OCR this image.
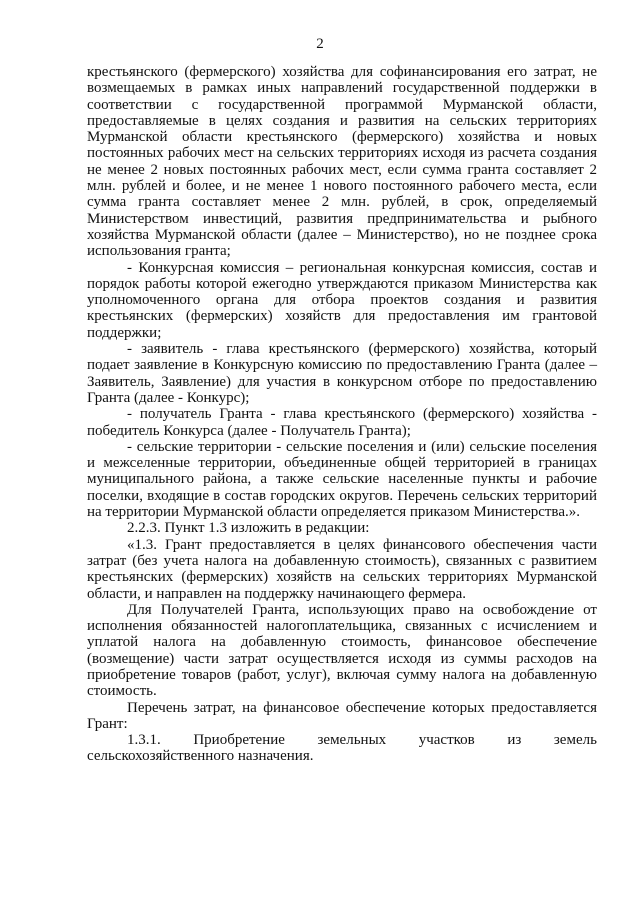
2

крестьянского (фермерского) хозяйства для софинансирования его затрат, не возмещаемых в рамках иных направлений государственной поддержки в соответствии с государственной программой Мурманской области, предоставляемые в целях создания и развития на сельских территориях Мурманской области крестьянского (фермерского) хозяйства и новых постоянных рабочих мест на сельских территориях исходя из расчета создания не менее 2 новых постоянных рабочих мест, если сумма гранта составляет 2 млн. рублей и более, и не менее 1 нового постоянного рабочего места, если сумма гранта составляет менее 2 млн. рублей, в срок, определяемый Министерством инвестиций, развития предпринимательства и рыбного хозяйства Мурманской области (далее – Министерство), но не позднее срока использования гранта;

- Конкурсная комиссия – региональная конкурсная комиссия, состав и порядок работы которой ежегодно утверждаются приказом Министерства как уполномоченного органа для отбора проектов создания и развития крестьянских (фермерских) хозяйств для предоставления им грантовой поддержки;

- заявитель - глава крестьянского (фермерского) хозяйства, который подает заявление в Конкурсную комиссию по предоставлению Гранта (далее – Заявитель, Заявление) для участия в конкурсном отборе по предоставлению Гранта (далее - Конкурс);

- получатель Гранта - глава крестьянского (фермерского) хозяйства - победитель Конкурса (далее - Получатель Гранта);

- сельские территории - сельские поселения и (или) сельские поселения и межселенные территории, объединенные общей территорией в границах муниципального района, а также сельские населенные пункты и рабочие поселки, входящие в состав городских округов. Перечень сельских территорий на территории Мурманской области определяется приказом Министерства.».

2.2.3. Пункт 1.3 изложить в редакции:

«1.3. Грант предоставляется в целях финансового обеспечения части затрат (без учета налога на добавленную стоимость), связанных с развитием крестьянских (фермерских) хозяйств на сельских территориях Мурманской области, и направлен на поддержку начинающего фермера.

Для Получателей Гранта, использующих право на освобождение от исполнения обязанностей налогоплательщика, связанных с исчислением и уплатой налога на добавленную стоимость, финансовое обеспечение (возмещение) части затрат осуществляется исходя из суммы расходов на приобретение товаров (работ, услуг), включая сумму налога на добавленную стоимость.

Перечень затрат, на финансовое обеспечение которых предоставляется Грант:

1.3.1. Приобретение земельных участков из земель

сельскохозяйственного назначения.
